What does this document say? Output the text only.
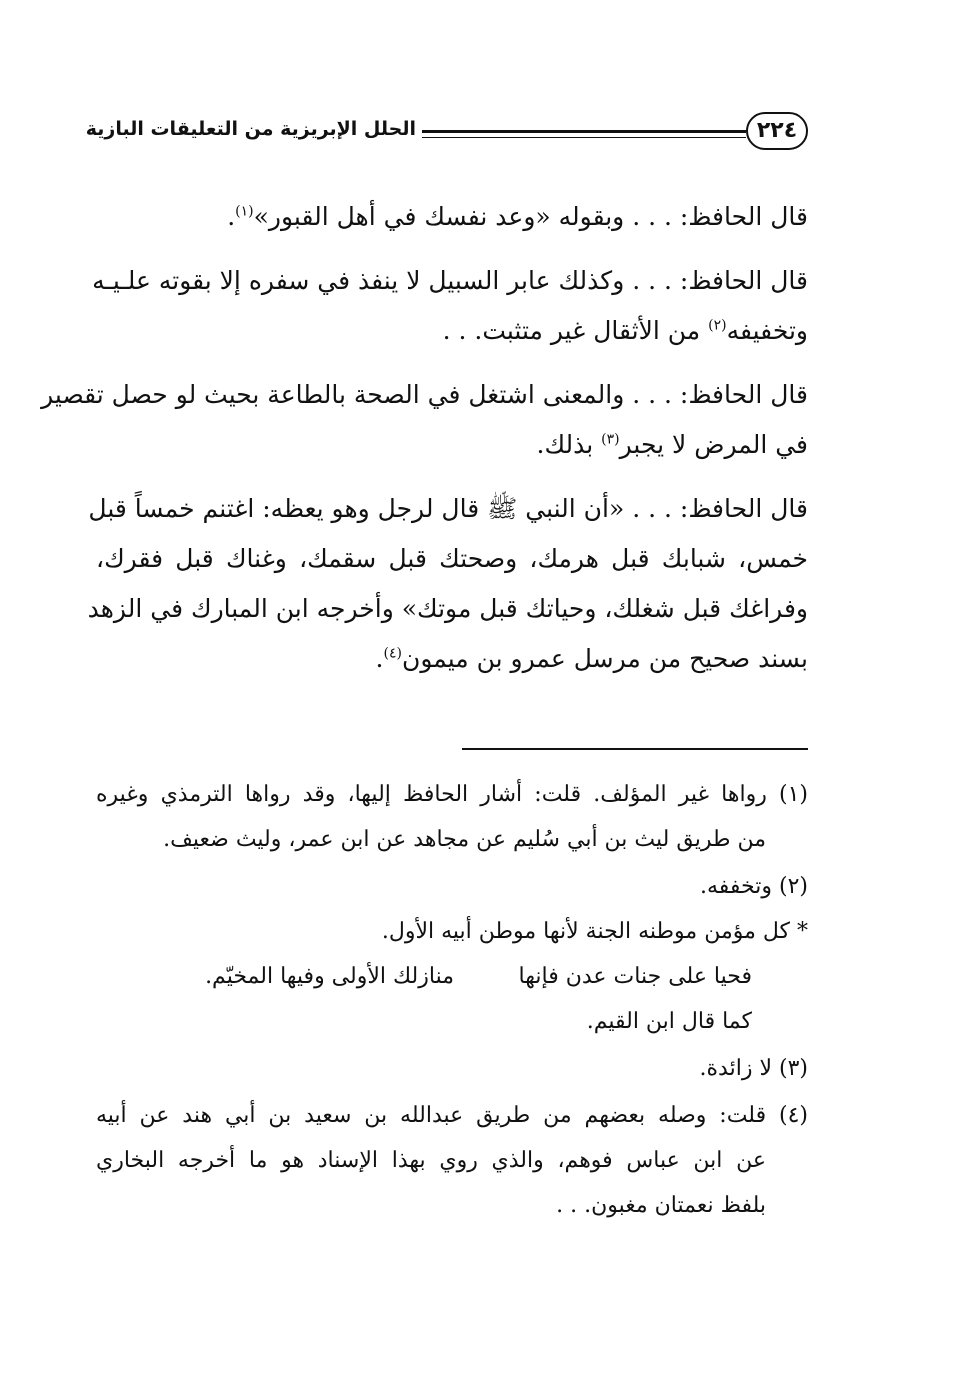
الحلل الإبريزية من التعليقات البازية	٢٢٤

قال الحافظ: . . . وبقوله «وعد نفسك في أهل القبور»$^{(١)}$.

قال الحافظ: . . . وكذلك عابر السبيل لا ينفذ في سفره إلا بقوته علـيـه
وتخفيفه$^{(٢)}$ من الأثقال غير متثبت. . .

قال الحافظ: . . . والمعنى اشتغل في الصحة بالطاعة بحيث لو حصل تقصير
في المرض لا يجبر$^{(٣)}$ بذلك.

قال الحافظ: . . . «أن النبي ﷺ قال لرجل وهو يعظه: اغتنم خمساً قبل
خمس، شبابك قبل هرمك، وصحتك قبل سقمك، وغناك قبل فقرك،
وفراغك قبل شغلك، وحياتك قبل موتك» وأخرجه ابن المبارك في الزهد
بسند صحيح من مرسل عمرو بن ميمون$^{(٤)}$.

(١) رواها غير المؤلف. قلت: أشار الحافظ إليها، وقد رواها الترمذي وغيره
من طريق ليث بن أبي سُليم عن مجاهد عن ابن عمر، وليث ضعيف.
(٢) وتخففه.
* كل مؤمن موطنه الجنة لأنها موطن أبيه الأول.
فحيا على جنات عدن فإنها
منازلك الأولى وفيها المخيّم.
كما قال ابن القيم.
(٣) لا زائدة.
(٤) قلت: وصله بعضهم من طريق عبدالله بن سعيد بن أبي هند عن أبيه
عن ابن عباس فوهم، والذي روي بهذا الإسناد هو ما أخرجه البخاري
بلفظ نعمتان مغبون. . .
